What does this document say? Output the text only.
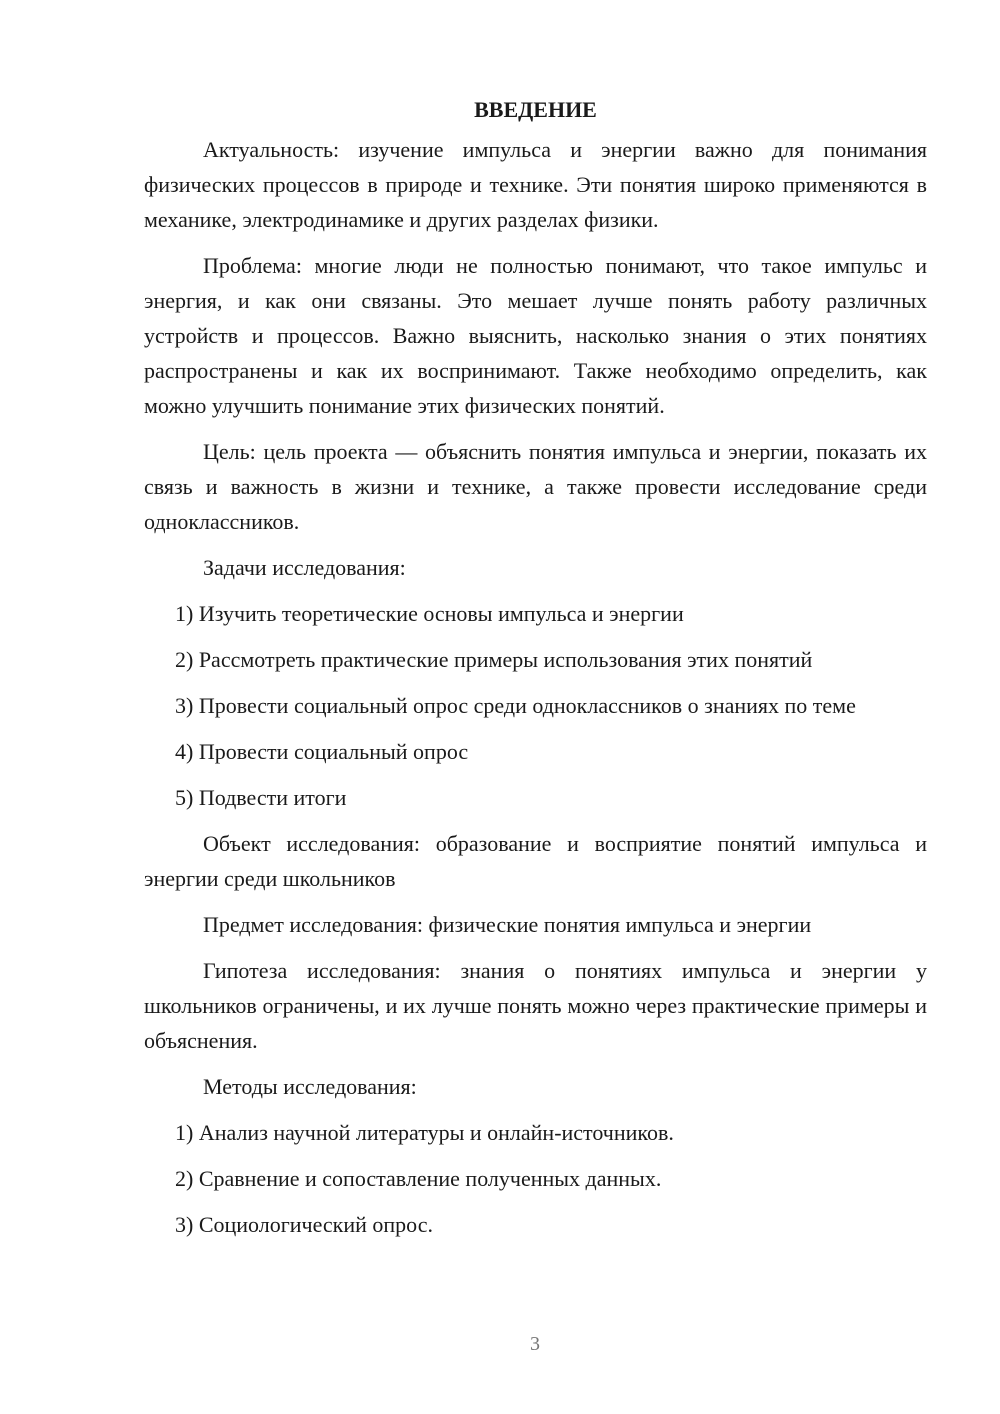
ВВЕДЕНИЕ

Актуальность: изучение импульса и энергии важно для понимания физических процессов в природе и технике. Эти понятия широко применяются в механике, электродинамике и других разделах физики.

Проблема: многие люди не полностью понимают, что такое импульс и энергия, и как они связаны. Это мешает лучше понять работу различных устройств и процессов. Важно выяснить, насколько знания о этих понятиях распространены и как их воспринимают. Также необходимо определить, как можно улучшить понимание этих физических понятий.

Цель: цель проекта — объяснить понятия импульса и энергии, показать их связь и важность в жизни и технике, а также провести исследование среди одноклассников.

Задачи исследования:

1) Изучить теоретические основы импульса и энергии

2) Рассмотреть практические примеры использования этих понятий

3) Провести социальный опрос среди одноклассников о знаниях по теме

4) Провести социальный опрос

5) Подвести итоги

Объект исследования: образование и восприятие понятий импульса и энергии среди школьников

Предмет исследования: физические понятия импульса и энергии

Гипотеза исследования: знания о понятиях импульса и энергии у школьников ограничены, и их лучше понять можно через практические примеры и объяснения.

Методы исследования:

1) Анализ научной литературы и онлайн-источников.

2) Сравнение и сопоставление полученных данных.

3) Социологический опрос.

3
